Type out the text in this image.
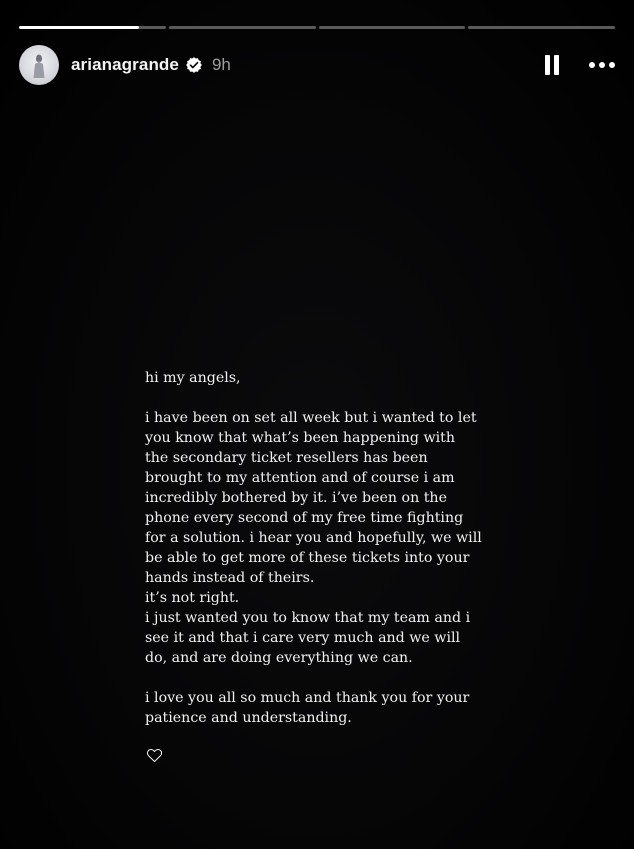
arianagrande 9h

hi my angels,

i have been on set all week but i wanted to let

you know that what’s been happening with

the secondary ticket resellers has been

brought to my attention and of course i am

incredibly bothered by it. i’ve been on the

phone every second of my free time fighting

for a solution. i hear you and hopefully, we will

be able to get more of these tickets into your

hands instead of theirs.

it’s not right.

i just wanted you to know that my team and i

see it and that i care very much and we will

do, and are doing everything we can.

i love you all so much and thank you for your

patience and understanding.
